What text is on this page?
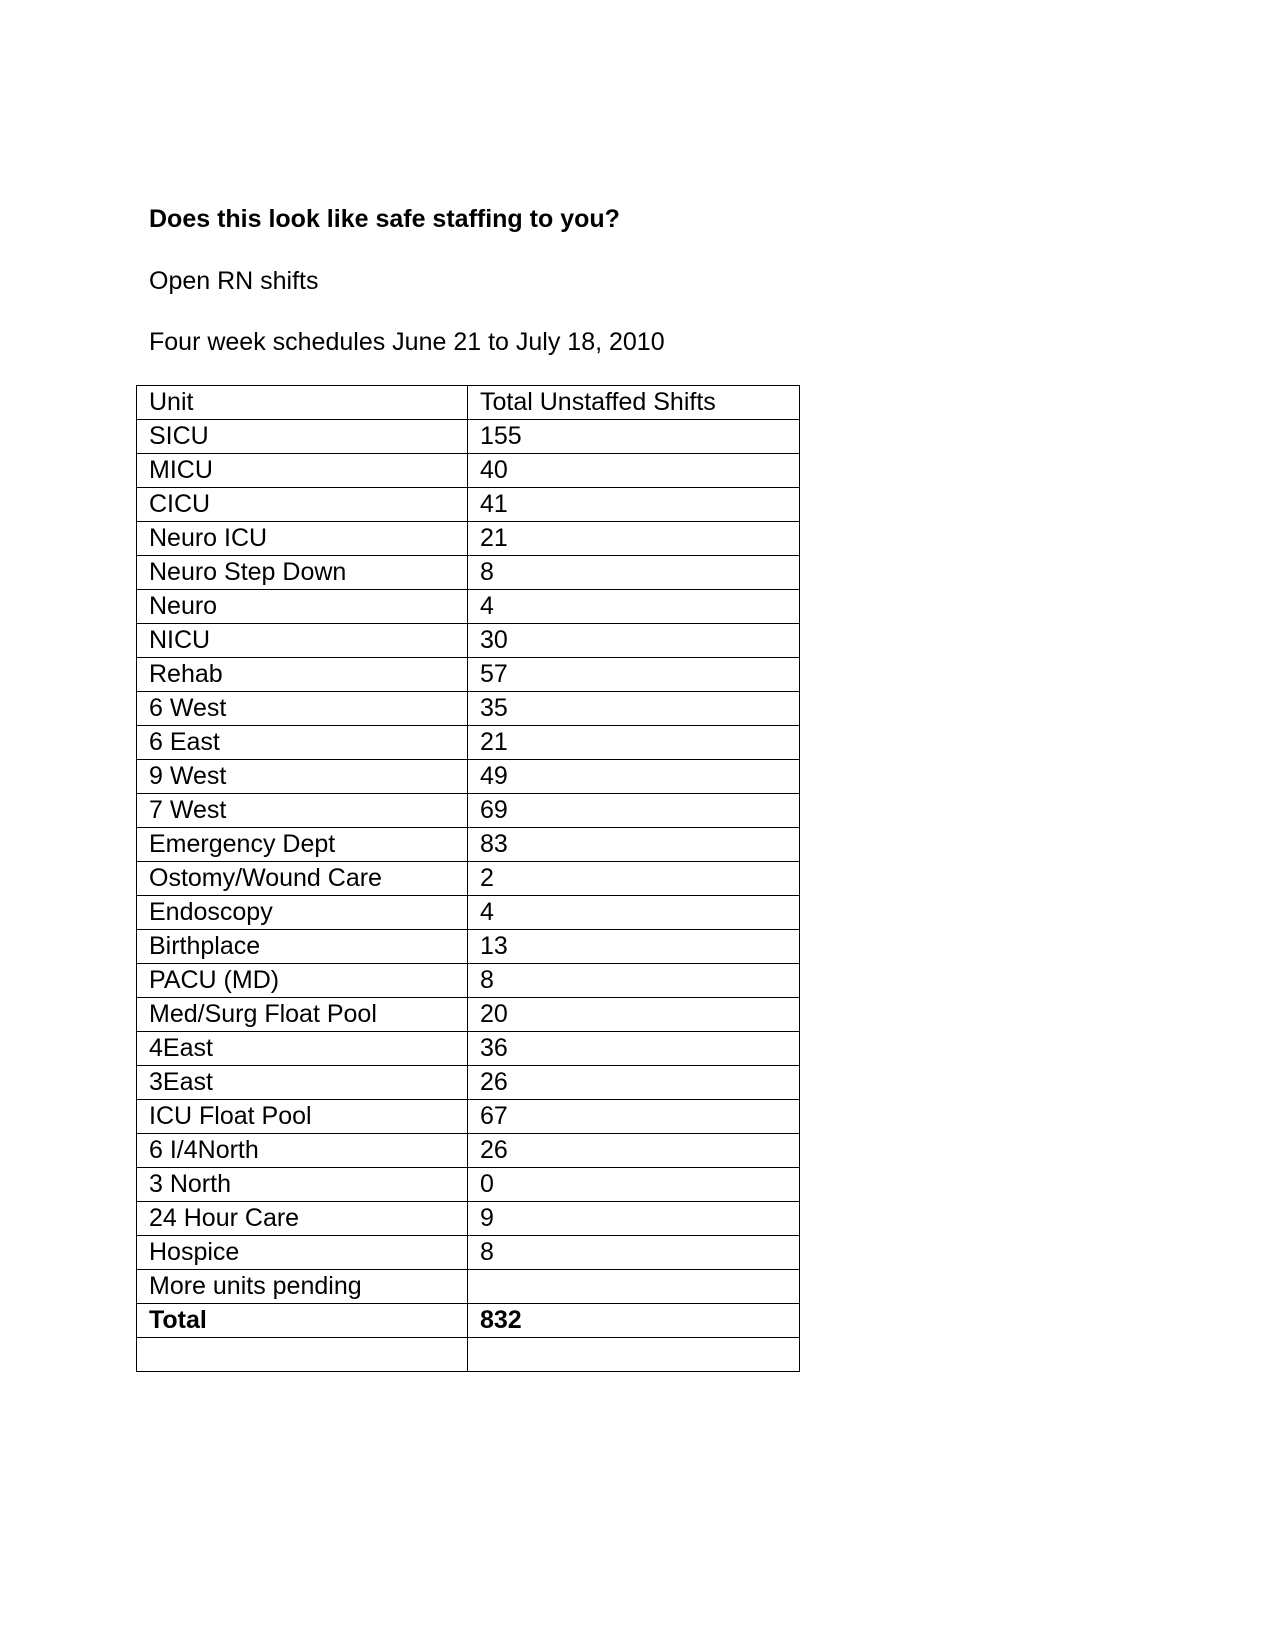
Does this look like safe staffing to you?
Open RN shifts
Four week schedules June 21 to July 18, 2010
Unit	Total Unstaffed Shifts
SICU	155
MICU	40
CICU	41
Neuro ICU	21
Neuro Step Down	8
Neuro	4
NICU	30
Rehab	57
6 West	35
6 East	21
9 West	49
7 West	69
Emergency Dept	83
Ostomy/Wound Care	2
Endoscopy	4
Birthplace	13
PACU (MD)	8
Med/Surg Float Pool	20
4East	36
3East	26
ICU Float Pool	67
6 I/4North	26
3 North	0
24 Hour Care	9
Hospice	8
More units pending	
Total	832
